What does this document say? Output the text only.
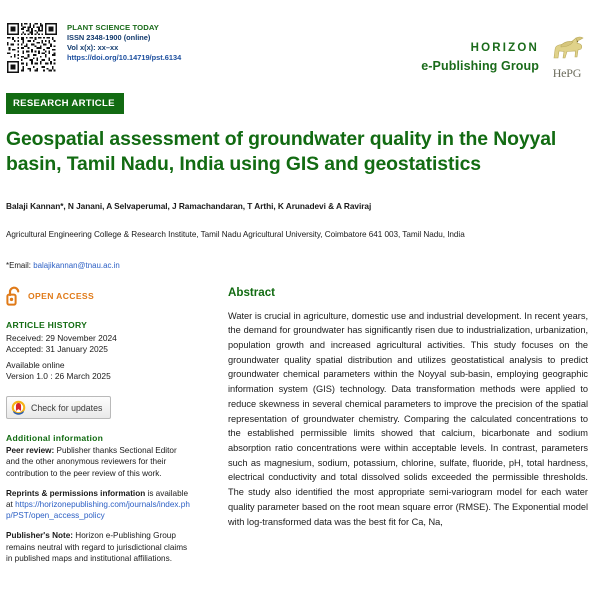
PLANT SCIENCE TODAY
ISSN 2348-1900 (online)
Vol x(x): xx–xx
https://doi.org/10.14719/pst.6134
HORIZON
e-Publishing Group
HePG
RESEARCH ARTICLE
Geospatial assessment of groundwater quality in the Noyyal basin, Tamil Nadu, India using GIS and geostatistics
Balaji Kannan*, N Janani, A Selvaperumal, J Ramachandaran, T Arthi, K Arunadevi & A Raviraj
Agricultural Engineering College & Research Institute, Tamil Nadu Agricultural University, Coimbatore 641 003, Tamil Nadu, India
*Email: balajikannan@tnau.ac.in
OPEN ACCESS
ARTICLE HISTORY
Received: 29 November 2024
Accepted: 31 January 2025
Available online
Version 1.0 : 26 March 2025
Check for updates
Additional information

Peer review: Publisher thanks Sectional Editor and the other anonymous reviewers for their contribution to the peer review of this work.

Reprints & permissions information is available at https://horizonepublishing.com/journals/index.php/PST/open_access_policy

Publisher's Note: Horizon e-Publishing Group remains neutral with regard to jurisdictional claims in published maps and institutional affiliations.

Abstract
Water is crucial in agriculture, domestic use and industrial development. In recent years, the demand for groundwater has significantly risen due to industrialization, urbanization, population growth and increased agricultural activities. This study focuses on the groundwater quality spatial distribution and utilizes geostatistical analysis to predict groundwater chemical parameters within the Noyyal sub-basin, employing geographic information system (GIS) technology. Data transformation methods were applied to reduce skewness in several chemical parameters to improve the precision of the spatial representation of groundwater chemistry. Comparing the calculated concentrations to the established permissible limits showed that calcium, bicarbonate and sodium absorption ratio concentrations were within acceptable levels. In contrast, parameters such as magnesium, sodium, potassium, chlorine, sulfate, fluoride, pH, total hardness, electrical conductivity and total dissolved solids exceeded the permissible thresholds. The study also identified the most appropriate semi-variogram model for each water quality parameter based on the root mean square error (RMSE). The Exponential model with log-transformed data was the best fit for Ca, Na,
